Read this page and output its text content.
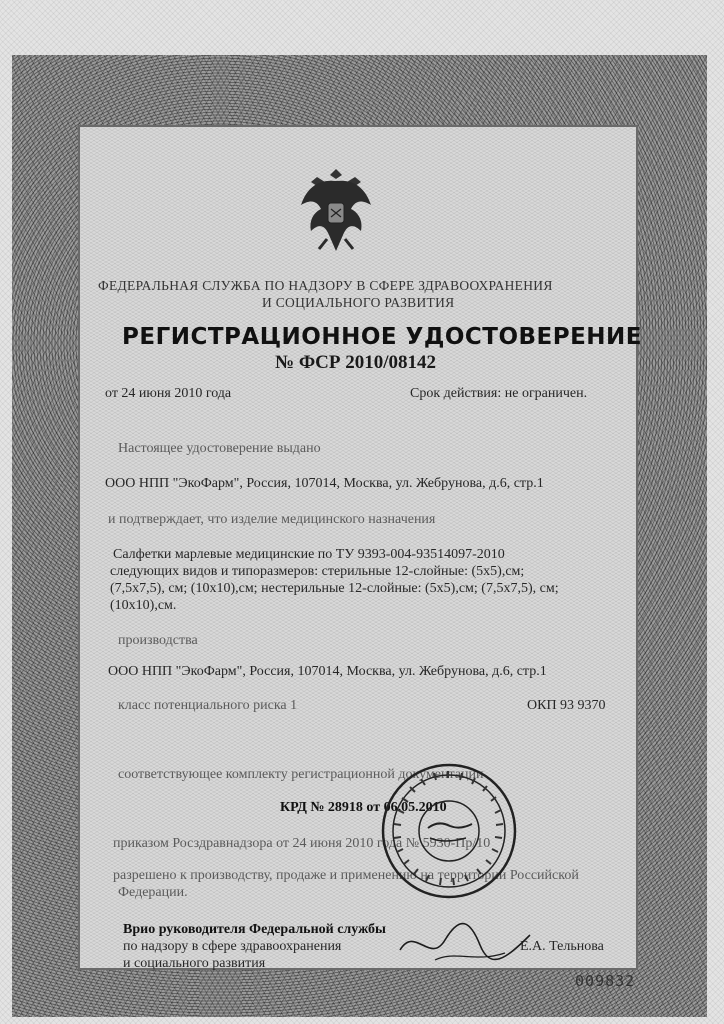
ФЕДЕРАЛЬНАЯ СЛУЖБА ПО НАДЗОРУ В СФЕРЕ ЗДРАВООХРАНЕНИЯ
И СОЦИАЛЬНОГО РАЗВИТИЯ
РЕГИСТРАЦИОННОЕ УДОСТОВЕРЕНИЕ
№ ФСР 2010/08142
от 24 июня 2010 года	Срок действия: не ограничен.
Настоящее удостоверение выдано
ООО НПП "ЭкоФарм", Россия, 107014, Москва, ул. Жебрунова, д.6, стр.1
и подтверждает, что изделие медицинского назначения
Салфетки марлевые медицинские по ТУ 9393-004-93514097-2010
следующих видов и типоразмеров: стерильные 12-слойные: (5х5),см;
(7,5х7,5), см; (10х10),см; нестерильные 12-слойные: (5х5),см; (7,5х7,5), см;
(10х10),см.
производства
ООО НПП "ЭкоФарм", Россия, 107014, Москва, ул. Жебрунова, д.6, стр.1
класс потенциального риска 1	ОКП 93 9370
соответствующее комплекту регистрационной документации
КРД № 28918 от 06.05.2010
приказом Росздравнадзора от 24 июня 2010 года № 5930-Пр/10
разрешено к производству, продаже и применению на территории Российской
Федерации.
Врио руководителя Федеральной службы
по надзору в сфере здравоохранения
и социального развития
Е.А. Тельнова
009832
